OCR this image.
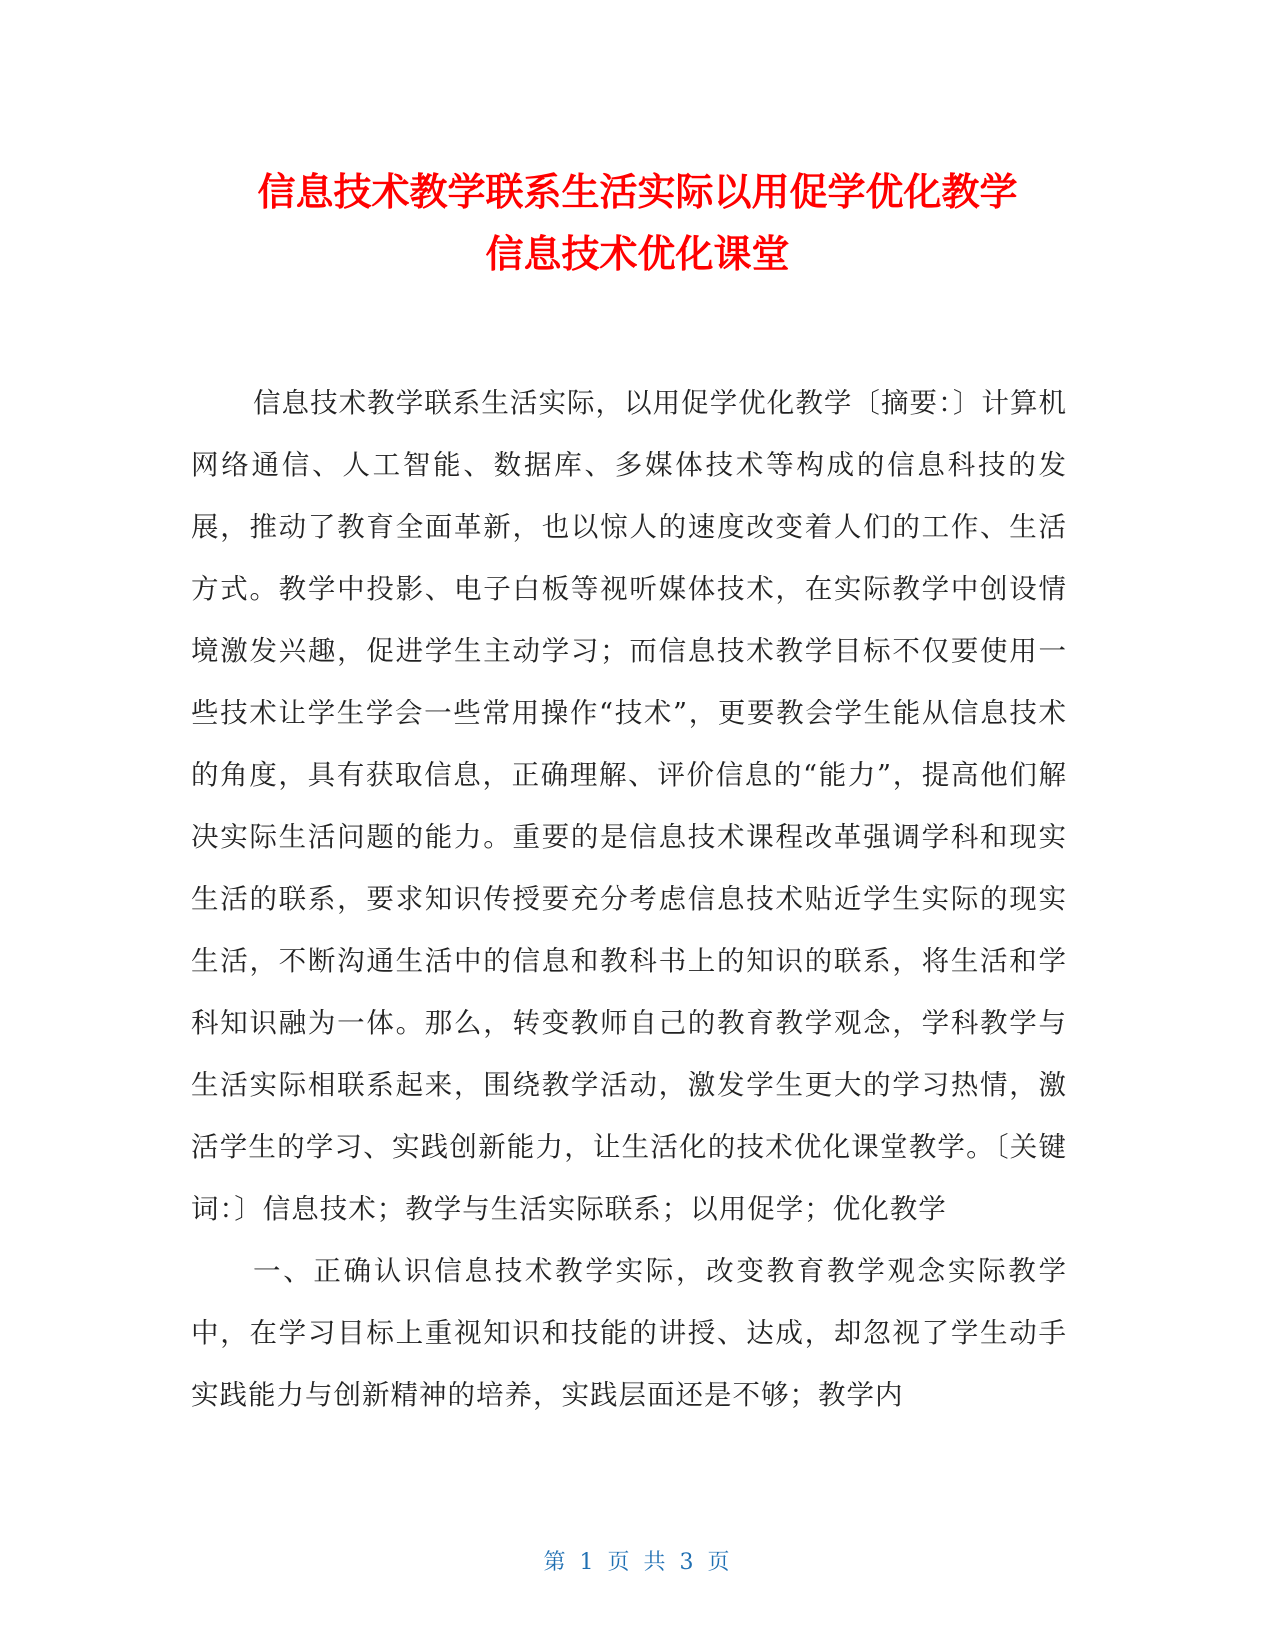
信息技术教学联系生活实际以用促学优化教学
信息技术优化课堂

信息技术教学联系生活实际，以用促学优化教学〔摘要：〕计算机网络通信、人工智能、数据库、多媒体技术等构成的信息科技的发展，推动了教育全面革新，也以惊人的速度改变着人们的工作、生活方式。教学中投影、电子白板等视听媒体技术，在实际教学中创设情境激发兴趣，促进学生主动学习；而信息技术教学目标不仅要使用一些技术让学生学会一些常用操作“技术”，更要教会学生能从信息技术的角度，具有获取信息，正确理解、评价信息的“能力”，提高他们解决实际生活问题的能力。重要的是信息技术课程改革强调学科和现实生活的联系，要求知识传授要充分考虑信息技术贴近学生实际的现实生活，不断沟通生活中的信息和教科书上的知识的联系，将生活和学科知识融为一体。那么，转变教师自己的教育教学观念，学科教学与生活实际相联系起来，围绕教学活动，激发学生更大的学习热情，激活学生的学习、实践创新能力，让生活化的技术优化课堂教学。〔关键词：〕信息技术；教学与生活实际联系；以用促学；优化教学

一、正确认识信息技术教学实际，改变教育教学观念实际教学中，在学习目标上重视知识和技能的讲授、达成，却忽视了学生动手实践能力与创新精神的培养，实践层面还是不够；教学内

第 1 页 共 3 页
